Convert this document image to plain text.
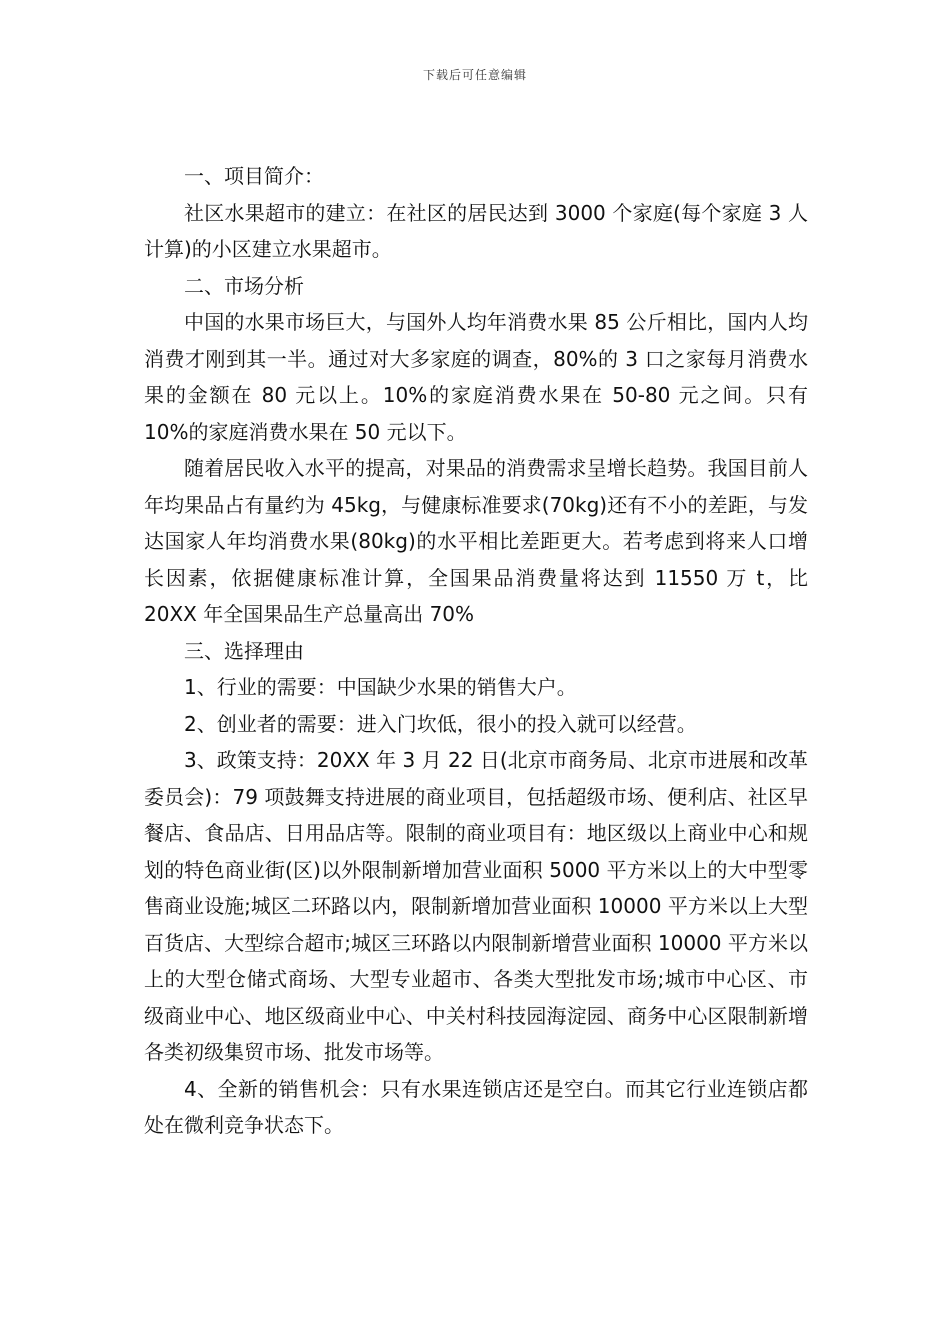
下载后可任意编辑

一、项目简介：

社区水果超市的建立：在社区的居民达到 3000 个家庭(每个家庭 3 人计算)的小区建立水果超市。

二、市场分析

中国的水果市场巨大，与国外人均年消费水果 85 公斤相比，国内人均消费才刚到其一半。通过对大多家庭的调查，80%的 3 口之家每月消费水果的金额在 80 元以上。10%的家庭消费水果在 50-80 元之间。只有 10%的家庭消费水果在 50 元以下。

随着居民收入水平的提高，对果品的消费需求呈增长趋势。我国目前人年均果品占有量约为 45kg，与健康标准要求(70kg)还有不小的差距，与发达国家人年均消费水果(80kg)的水平相比差距更大。若考虑到将来人口增长因素，依据健康标准计算，全国果品消费量将达到 11550 万 t，比 20XX 年全国果品生产总量高出 70%

三、选择理由

1、行业的需要：中国缺少水果的销售大户。

2、创业者的需要：进入门坎低，很小的投入就可以经营。

3、政策支持：20XX 年 3 月 22 日(北京市商务局、北京市进展和改革委员会)：79 项鼓舞支持进展的商业项目，包括超级市场、便利店、社区早餐店、食品店、日用品店等。限制的商业项目有：地区级以上商业中心和规划的特色商业街(区)以外限制新增加营业面积 5000 平方米以上的大中型零售商业设施;城区二环路以内，限制新增加营业面积 10000 平方米以上大型百货店、大型综合超市;城区三环路以内限制新增营业面积 10000 平方米以上的大型仓储式商场、大型专业超市、各类大型批发市场;城市中心区、市级商业中心、地区级商业中心、中关村科技园海淀园、商务中心区限制新增各类初级集贸市场、批发市场等。

4、全新的销售机会：只有水果连锁店还是空白。而其它行业连锁店都处在微利竞争状态下。
